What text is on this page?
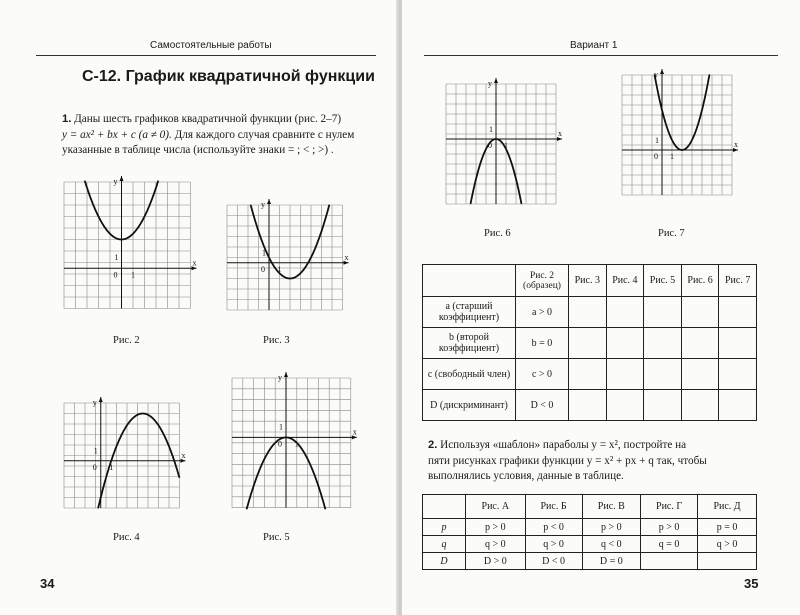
Самостоятельные работы
С-12. График квадратичной функции
1. Даны шесть графиков квадратичной функции (рис. 2–7)
y = ax² + bx + c (a ≠ 0). Для каждого случая сравните с нулем
указанные в таблице числа (используйте знаки = ; < ; >) .
y
x
0
1
1
Рис. 2
y
x
0
1
1
Рис. 3
y
x
0
1
1
Рис. 4
y
x
0
1
1
Рис. 5
34
Вариант 1
y
x
0
1
1
Рис. 6
y
x
0
1
1
Рис. 7
	Рис. 2 (образец)	Рис. 3	Рис. 4	Рис. 5	Рис. 6	Рис. 7
a (старший коэффициент)	a > 0					
b (второй коэффициент)	b = 0					
c (свободный член)	c > 0					
D (дискриминант)	D < 0					
2. Используя «шаблон» параболы y = x², постройте на
пяти рисунках графики функции y = x² + px + q так, чтобы
выполнялись условия, данные в таблице.
	Рис. А	Рис. Б	Рис. В	Рис. Г	Рис. Д
p	p > 0	p < 0	p > 0	p > 0	p = 0
q	q > 0	q > 0	q < 0	q = 0	q > 0
D	D > 0	D < 0	D = 0		
35
